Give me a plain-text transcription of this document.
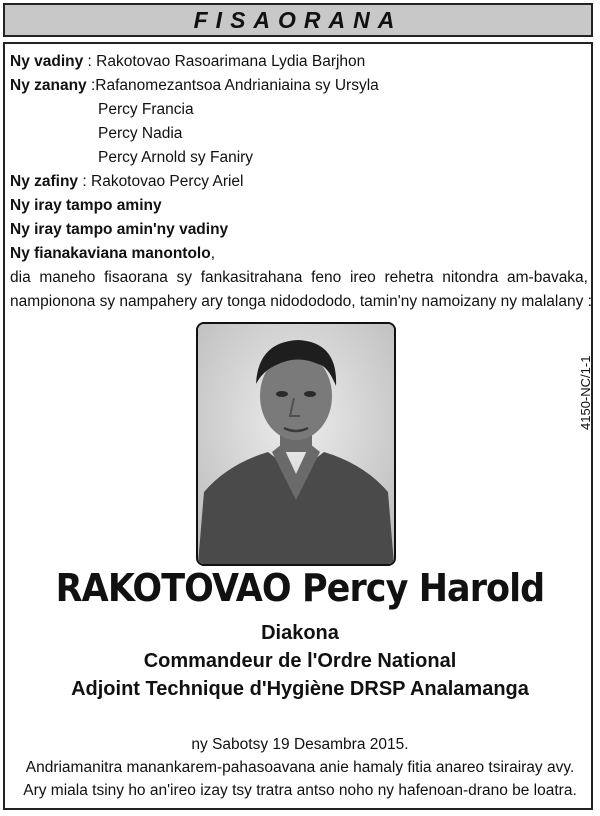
FISAORANA
Ny vadiny : Rakotovao Rasoarimana Lydia Barjhon
Ny zanany :Rafanomezantsoa Andrianiaina sy Ursyla
Percy Francia
Percy Nadia
Percy Arnold sy Faniry
Ny zafiny : Rakotovao Percy Ariel
Ny iray tampo aminy
Ny iray tampo amin'ny vadiny
Ny fianakaviana manontolo,
dia maneho fisaorana sy fankasitrahana feno ireo rehetra nitondra am-bavaka,
nampionona sy nampahery ary tonga nidodododo, tamin'ny namoizany ny malalany :
4150-NC/1-1
RAKOTOVAO Percy Harold
Diakona
Commandeur de l'Ordre National
Adjoint Technique d'Hygiène DRSP Analamanga
ny Sabotsy 19 Desambra 2015.
Andriamanitra manankarem-pahasoavana anie hamaly fitia anareo tsirairay avy.
Ary miala tsiny ho an'ireo izay tsy tratra antso noho ny hafenoan-drano be loatra.
